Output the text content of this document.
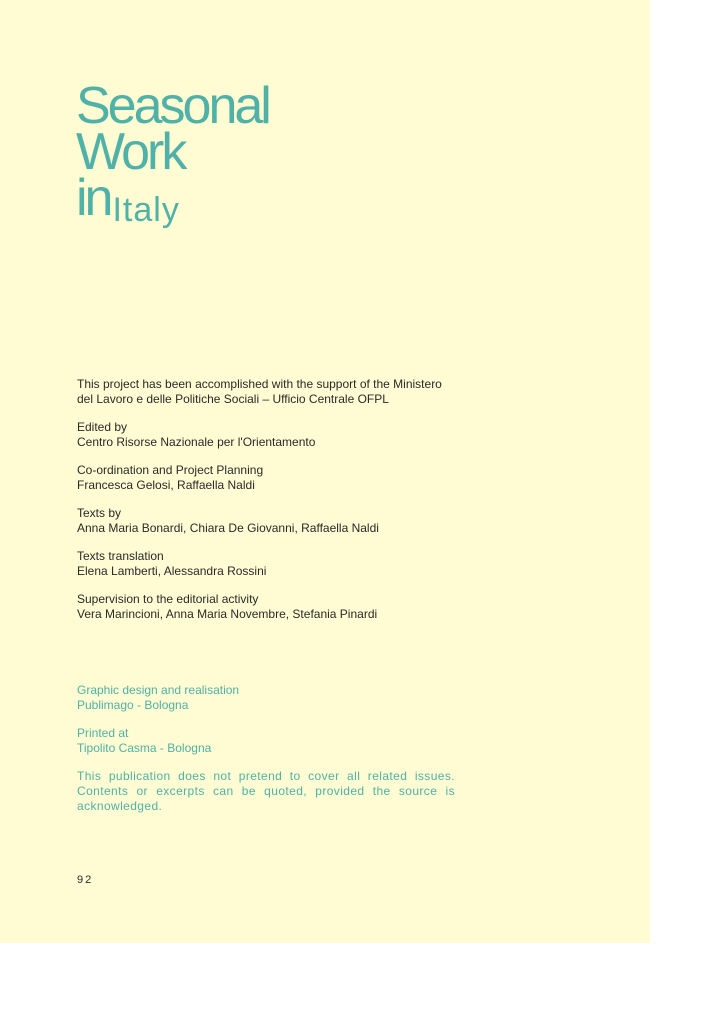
Seasonal
Work
inItaly

This project has been accomplished with the support of the Ministero

del Lavoro e delle Politiche Sociali – Ufficio Centrale OFPL

Edited by

Centro Risorse Nazionale per l'Orientamento

Co-ordination and Project Planning

Francesca Gelosi, Raffaella Naldi

Texts by

Anna Maria Bonardi, Chiara De Giovanni, Raffaella Naldi

Texts translation

Elena Lamberti, Alessandra Rossini

Supervision to the editorial activity

Vera Marincioni, Anna Maria Novembre, Stefania Pinardi

Graphic design and realisation

Publimago - Bologna

Printed at

Tipolito Casma - Bologna

This publication does not pretend to cover all related issues. Contents or excerpts can be quoted, provided the source is acknowledged.

92
